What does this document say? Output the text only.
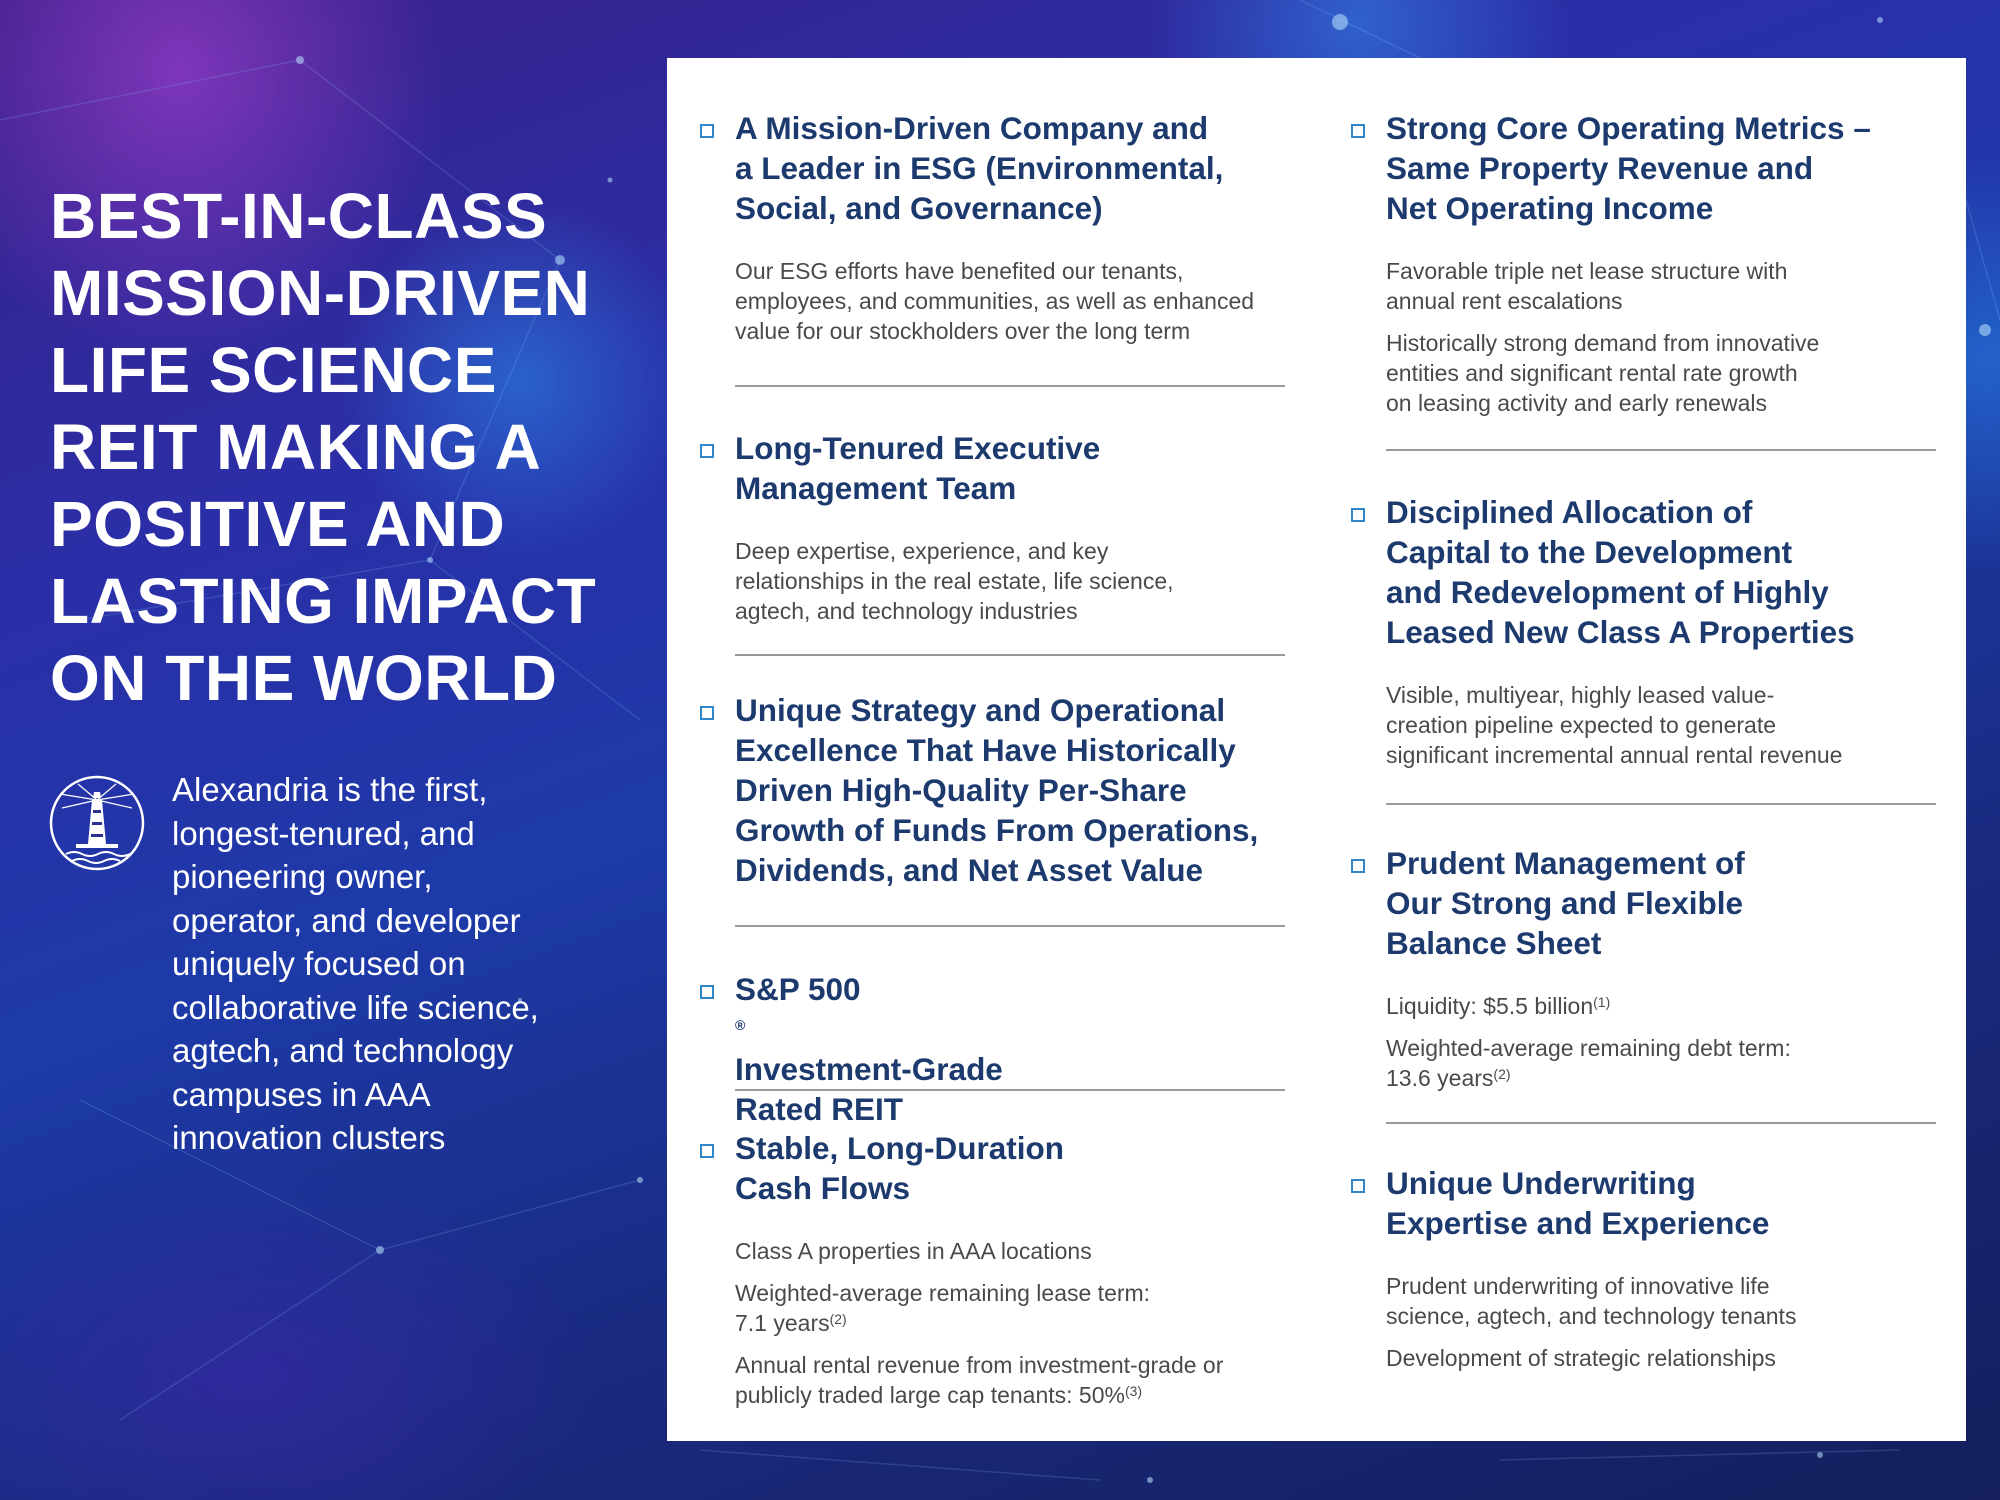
BEST-IN-CLASS
MISSION-DRIVEN
LIFE SCIENCE
REIT MAKING A
POSITIVE AND
LASTING IMPACT
ON THE WORLD
Alexandria is the first,
longest-tenured, and
pioneering owner,
operator, and developer
uniquely focused on
collaborative life science,
agtech, and technology
campuses in AAA
innovation clusters
A Mission-Driven Company and
a Leader in ESG (Environmental,
Social, and Governance)
Our ESG efforts have benefited our tenants,
employees, and communities, as well as enhanced
value for our stockholders over the long term
Long-Tenured Executive
Management Team
Deep expertise, experience, and key
relationships in the real estate, life science,
agtech, and technology industries
Unique Strategy and Operational
Excellence That Have Historically
Driven High-Quality Per-Share
Growth of Funds From Operations,
Dividends, and Net Asset Value
S&P 500
®
Investment-Grade
Rated REIT
Stable, Long-Duration
Cash Flows
Class A properties in AAA locations
Weighted-average remaining lease term:
7.1 years$^{(2)}$
Annual rental revenue from investment-grade or
publicly traded large cap tenants: 50%$^{(3)}$
Strong Core Operating Metrics –
Same Property Revenue and
Net Operating Income
Favorable triple net lease structure with
annual rent escalations
Historically strong demand from innovative
entities and significant rental rate growth
on leasing activity and early renewals
Disciplined Allocation of
Capital to the Development
and Redevelopment of Highly
Leased New Class A Properties
Visible, multiyear, highly leased value-
creation pipeline expected to generate
significant incremental annual rental revenue
Prudent Management of
Our Strong and Flexible
Balance Sheet
Liquidity: $5.5 billion$^{(1)}$
Weighted-average remaining debt term:
13.6 years$^{(2)}$
Unique Underwriting
Expertise and Experience
Prudent underwriting of innovative life
science, agtech, and technology tenants
Development of strategic relationships
